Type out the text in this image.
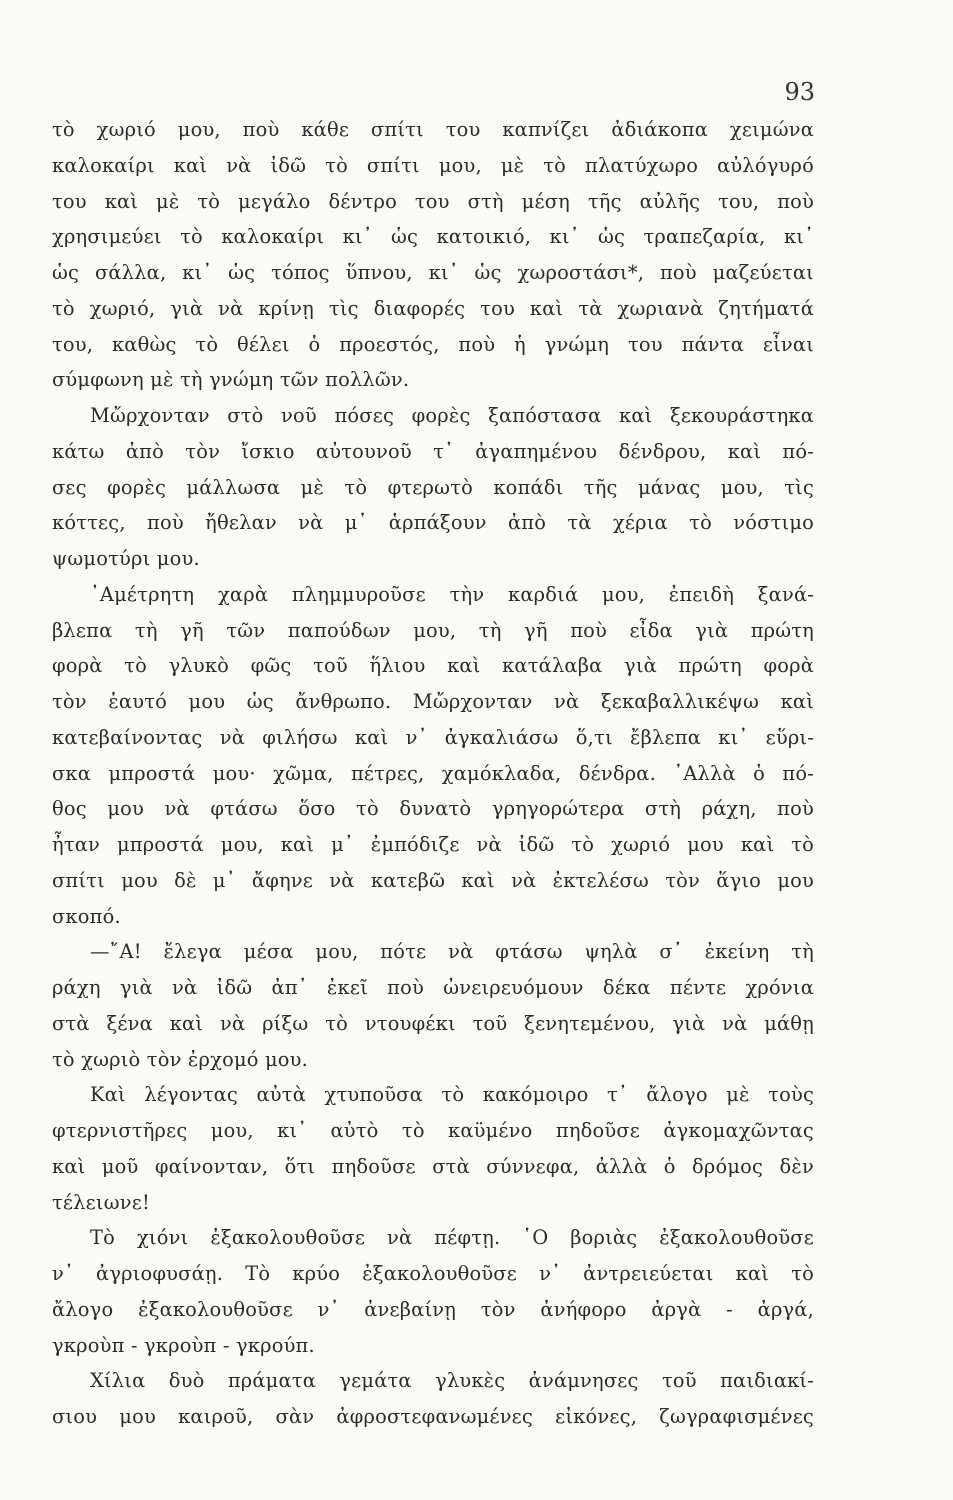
93
τὸ χωριό μου, ποὺ κάθε σπίτι του καπνίζει ἀδιάκοπα χειμώνα
καλοκαίρι καὶ νὰ ἰδῶ τὸ σπίτι μου, μὲ τὸ πλατύχωρο αὐλόγυρό
του καὶ μὲ τὸ μεγάλο δέντρο του στὴ μέση τῆς αὐλῆς του, ποὺ
χρησιμεύει τὸ καλοκαίρι κι᾿ ὡς κατοικιό, κι᾿ ὡς τραπεζαρία, κι᾿
ὡς σάλλα, κι᾿ ὡς τόπος ὕπνου, κι᾿ ὡς χωροστάσι*, ποὺ μαζεύεται
τὸ χωριό, γιὰ νὰ κρίνῃ τὶς διαφορές του καὶ τὰ χωριανὰ ζητήματά
του, καθὼς τὸ θέλει ὁ προεστός, ποὺ ἡ γνώμη του πάντα εἶναι
σύμφωνη μὲ τὴ γνώμη τῶν πολλῶν.
Μὤρχονταν στὸ νοῦ πόσες φορὲς ξαπόστασα καὶ ξεκουράστηκα
κάτω ἀπὸ τὸν ἴσκιο αὐτουνοῦ τ᾿ ἀγαπημένου δένδρου, καὶ πό-
σες φορὲς μάλλωσα μὲ τὸ φτερωτὸ κοπάδι τῆς μάνας μου, τὶς
κόττες, ποὺ ἤθελαν νὰ μ᾿ ἁρπάξουν ἀπὸ τὰ χέρια τὸ νόστιμο
ψωμοτύρι μου.
᾿Αμέτρητη χαρὰ πλημμυροῦσε τὴν καρδιά μου, ἐπειδὴ ξανά-
βλεπα τὴ γῆ τῶν παπούδων μου, τὴ γῆ ποὺ εἶδα γιὰ πρώτη
φορὰ τὸ γλυκὸ φῶς τοῦ ἥλιου καὶ κατάλαβα γιὰ πρώτη φορὰ
τὸν ἑαυτό μου ὡς ἄνθρωπο. Μὤρχονταν νὰ ξεκαβαλλικέψω καὶ
κατεβαίνοντας νὰ φιλήσω καὶ ν᾿ ἀγκαλιάσω ὅ,τι ἔβλεπα κι᾿ εὕρι-
σκα μπροστά μου· χῶμα, πέτρες, χαμόκλαδα, δένδρα. ᾿Αλλὰ ὁ πό-
θος μου νὰ φτάσω ὅσο τὸ δυνατὸ γρηγορώτερα στὴ ράχη, ποὺ
ἦταν μπροστά μου, καὶ μ᾿ ἐμπόδιζε νὰ ἰδῶ τὸ χωριό μου καὶ τὸ
σπίτι μου δὲ μ᾿ ἄφηνε νὰ κατεβῶ καὶ νὰ ἐκτελέσω τὸν ἅγιο μου
σκοπό.
—῎Α! ἔλεγα μέσα μου, πότε νὰ φτάσω ψηλὰ σ᾿ ἐκείνη τὴ
ράχη γιὰ νὰ ἰδῶ ἀπ᾿ ἐκεῖ ποὺ ὠνειρευόμουν δέκα πέντε χρόνια
στὰ ξένα καὶ νὰ ρίξω τὸ ντουφέκι τοῦ ξενητεμένου, γιὰ νὰ μάθῃ
τὸ χωριὸ τὸν ἐρχομό μου.
Καὶ λέγοντας αὐτὰ χτυποῦσα τὸ κακόμοιρο τ᾿ ἄλογο μὲ τοὺς
φτερνιστῆρες μου, κι᾿ αὐτὸ τὸ καϋμένο πηδοῦσε ἀγκομαχῶντας
καὶ μοῦ φαίνονταν, ὅτι πηδοῦσε στὰ σύννεφα, ἀλλὰ ὁ δρόμος δὲν
τέλειωνε!
Τὸ χιόνι ἐξακολουθοῦσε νὰ πέφτῃ. ῾Ο βοριὰς ἐξακολουθοῦσε
ν᾿ ἀγριοφυσάῃ. Τὸ κρύο ἐξακολουθοῦσε ν᾿ ἀντρειεύεται καὶ τὸ
ἄλογο ἐξακολουθοῦσε ν᾿ ἀνεβαίνῃ τὸν ἀνήφορο ἀργὰ - ἀργά,
γκροὺπ - γκροὺπ - γκρούπ.
Χίλια δυὸ πράματα γεμάτα γλυκὲς ἀνάμνησες τοῦ παιδιακί-
σιου μου καιροῦ, σὰν ἀφροστεφανωμένες εἰκόνες, ζωγραφισμένες
